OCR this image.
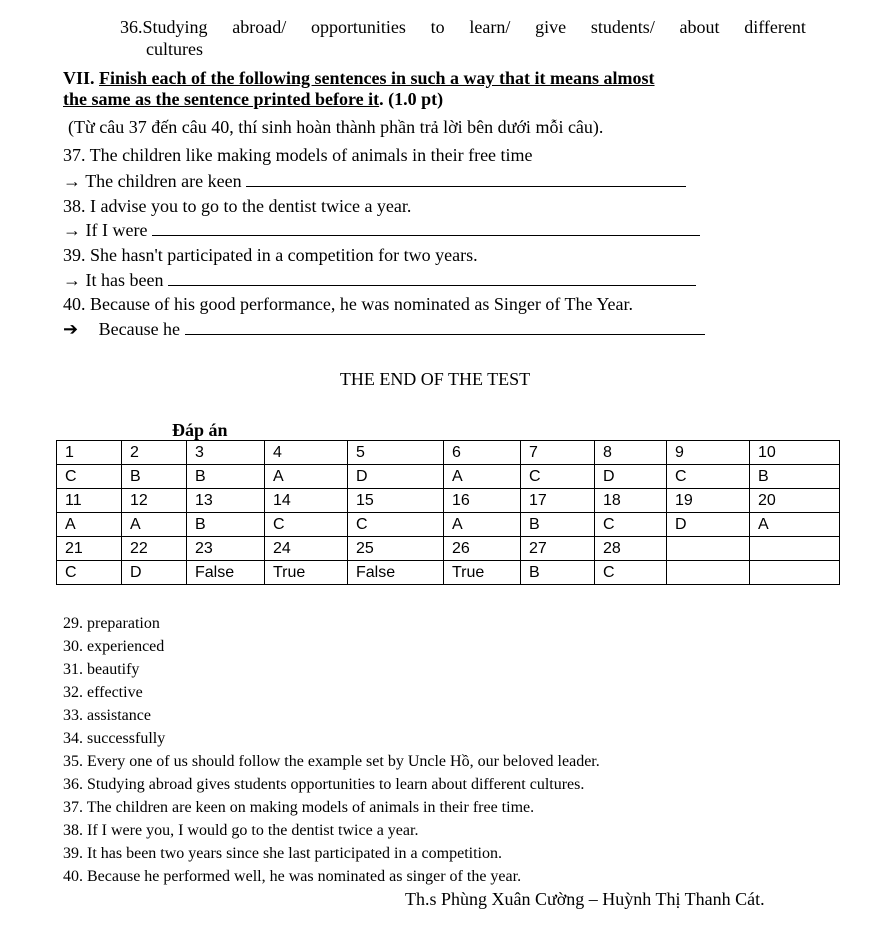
36.Studying abroad/ opportunities to learn/ give students/ about different
cultures
VII. Finish each of the following sentences in such a way that it means almost
the same as the sentence printed before it. (1.0 pt)
(Từ câu 37 đến câu 40, thí sinh hoàn thành phần trả lời bên dưới mỗi câu).
37. The children like making models of animals in their free time
→ The children are keen
38. I advise you to go to the dentist twice a year.
→ If I were
39. She hasn't participated in a competition for two years.
→ It has been
40. Because of his good performance, he was nominated as Singer of The Year.
➔ Because he
THE END OF THE TEST
Đáp án
1	2	3	4	5	6	7	8	9	10
C	B	B	A	D	A	C	D	C	B
11	12	13	14	15	16	17	18	19	20
A	A	B	C	C	A	B	C	D	A
21	22	23	24	25	26	27	28		
C	D	False	True	False	True	B	C		
29. preparation
30. experienced
31. beautify
32. effective
33. assistance
34. successfully
35. Every one of us should follow the example set by Uncle Hồ, our beloved leader.
36. Studying abroad gives students opportunities to learn about different cultures.
37. The children are keen on making models of animals in their free time.
38. If I were you, I would go to the dentist twice a year.
39. It has been two years since she last participated in a competition.
40. Because he performed well, he was nominated as singer of the year.
Th.s Phùng Xuân Cường – Huỳnh Thị Thanh Cát.
